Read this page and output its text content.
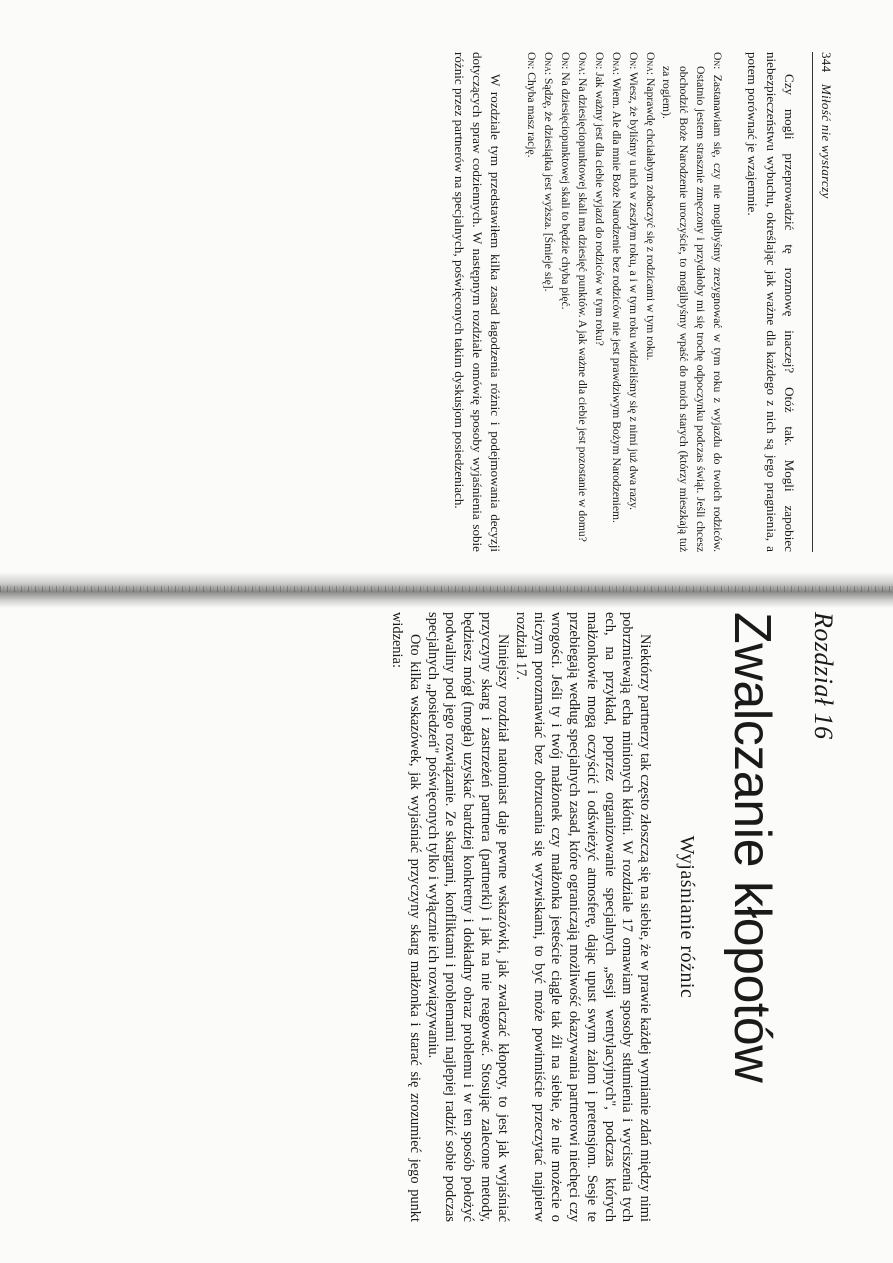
344 Miłość nie wystarczy

Czy mogli przeprowadzić tę rozmowę inaczej? Otóż tak. Mogli zapobiec niebezpieczeństwu wybuchu, określając jak ważne dla każdego z nich są jego pragnienia, a potem porównać je wzajemnie.

On: Zastanawiam się, czy nie moglibyśmy zrezygnować w tym roku z wyjazdu do twoich rodziców. Ostatnio jestem strasznie zmęczony i przydałoby mi się trochę odpoczynku podczas świąt. Jeśli chcesz obchodzić Boże Narodzenie uroczyście, to moglibyśmy wpaść do moich starych (którzy mieszkają tuż za rogiem).
Ona: Naprawdę chciałabym zobaczyć się z rodzicami w tym roku.
On: Wiesz, że byliśmy u nich w zeszłym roku, a i w tym roku widzieliśmy się z nimi już dwa razy.
Ona: Wiem. Ale dla mnie Boże Narodzenie bez rodziców nie jest prawdziwym Bożym Narodzeniem.
On: Jak ważny jest dla ciebie wyjazd do rodziców w tym roku?
Ona: Na dziesięciopunktowej skali ma dziesięć punktów. A jak ważne dla ciebie jest pozostanie w domu?
On: Na dziesięciopunktowej skali to będzie chyba pięć.
Ona: Sądzę, że dziesiątka jest wyższa. [Śmieje się].
On: Chyba masz rację.

W rozdziale tym przedstawiłem kilka zasad łagodzenia różnic i podejmowania decyzji dotyczących spraw codziennych. W następnym rozdziale omówię sposoby wyjaśnienia sobie różnic przez partnerów na specjalnych, poświęconych takim dyskusjom posiedzeniach.

Rozdział 16
Zwalczanie kłopotów
Wyjaśnianie różnic

Niektórzy partnerzy tak często złoszczą się na siebie, że w prawie każdej wymianie zdań między nimi pobrzmiewają echa minionych kłótni. W rozdziale 17 omawiam sposoby stłumienia i wyciszenia tych ech, na przykład, poprzez organizowanie specjalnych „sesji wentylacyjnych", podczas których małżonkowie mogą oczyścić i odświeżyć atmosferę, dając upust swym żalom i pretensjom. Sesje te przebiegają według specjalnych zasad, które ograniczają możliwość okazywania partnerowi niechęci czy wrogości. Jeśli ty i twój małżonek czy małżonka jesteście ciągle tak źli na siebie, że nie możecie o niczym porozmawiać bez obrzucania się wyzwiskami, to być może powinniście przeczytać najpierw rozdział 17.

Niniejszy rozdział natomiast daje pewne wskazówki, jak zwalczać kłopoty, to jest jak wyjaśniać przyczyny skarg i zastrzeżeń partnera (partnerki) i jak na nie reagować. Stosując zalecone metody, będziesz mógł (mogła) uzyskać bardziej konkretny i dokładny obraz problemu i w ten sposób położyć podwaliny pod jego rozwiązanie. Ze skargami, konfliktami i problemami najlepiej radzić sobie podczas specjalnych „posiedzeń" poświęconych tylko i wyłącznie ich rozwiązywaniu.

Oto kilka wskazówek, jak wyjaśniać przyczyny skarg małżonka i starać się zrozumieć jego punkt widzenia:
